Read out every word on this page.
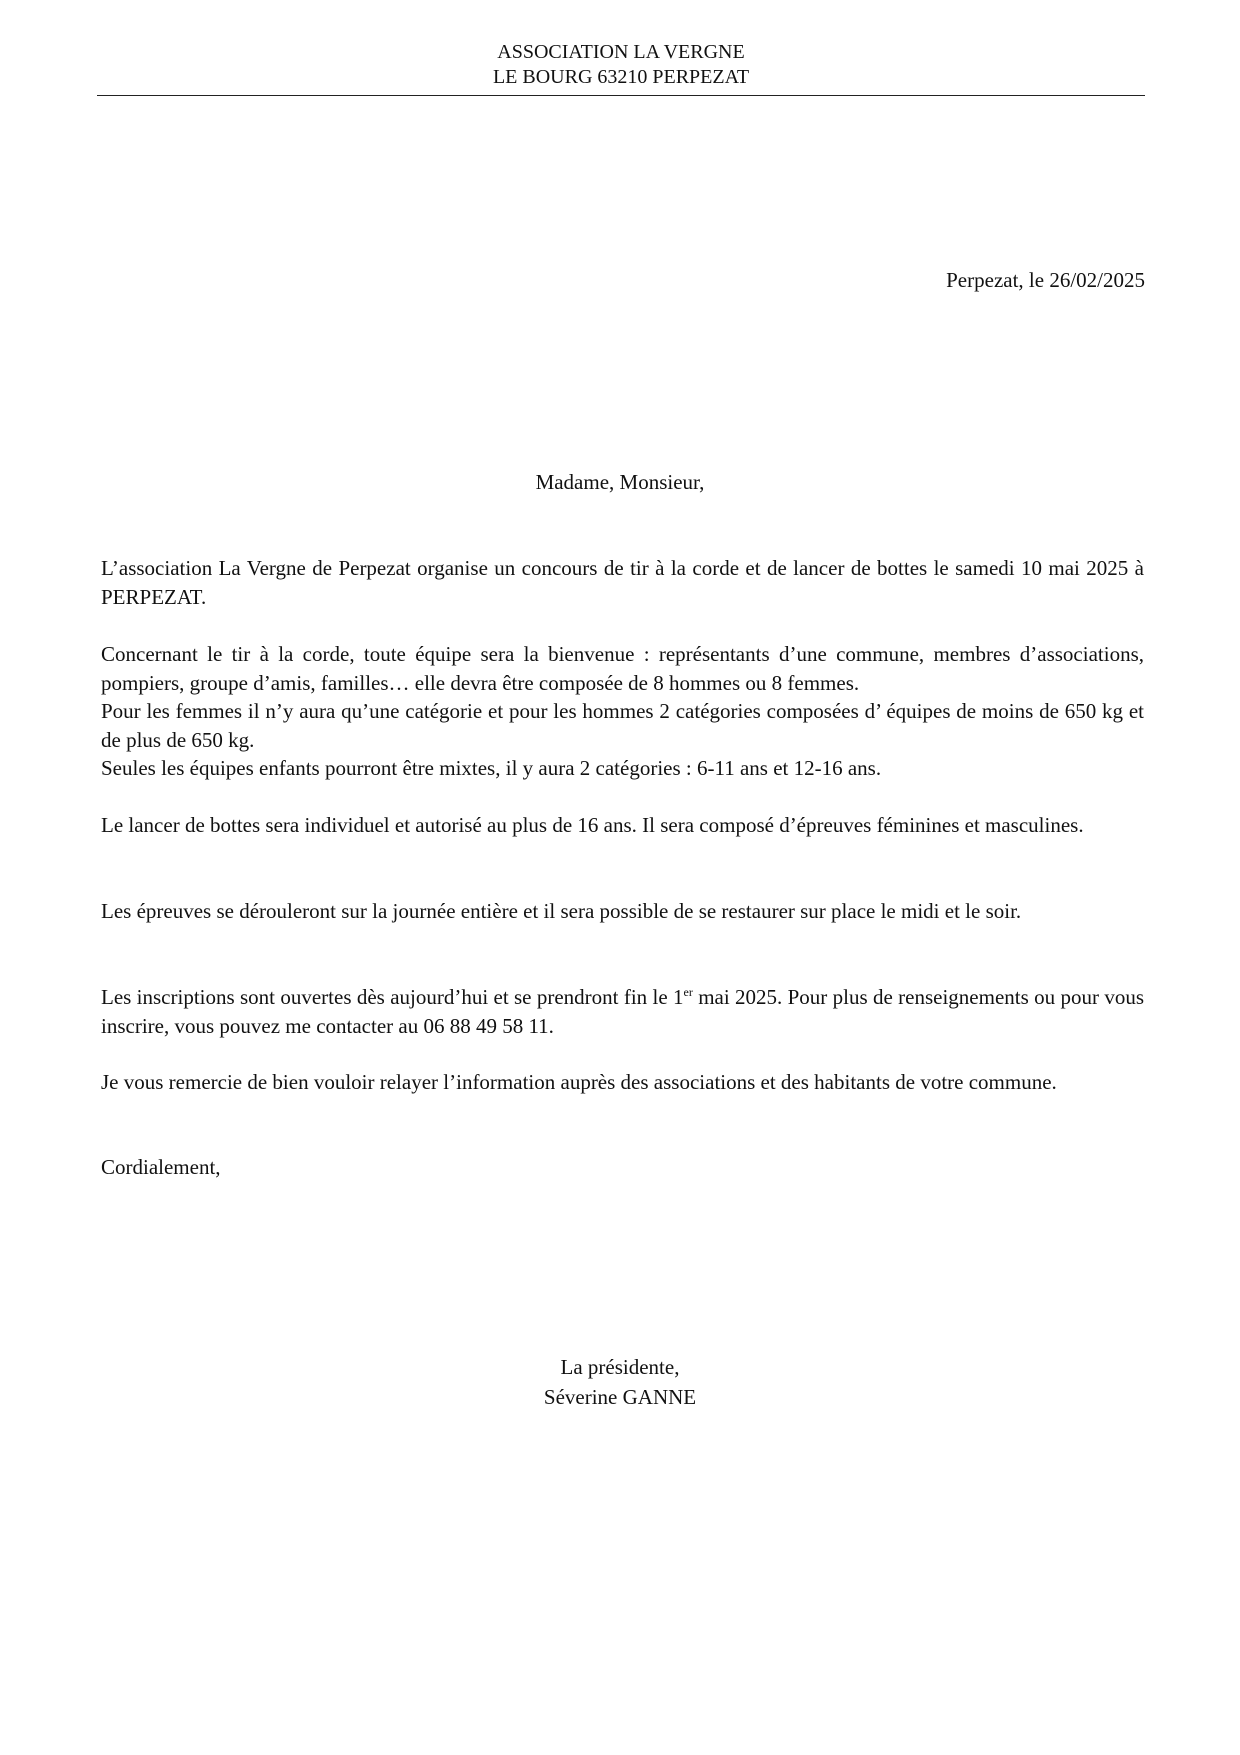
ASSOCIATION LA VERGNE
LE BOURG 63210 PERPEZAT
Perpezat, le 26/02/2025
Madame, Monsieur,

L’association La Vergne de Perpezat organise un concours de tir à la corde et de lancer de bottes le samedi 10 mai 2025 à PERPEZAT.

Concernant le tir à la corde, toute équipe sera la bienvenue : représentants d’une commune, membres d’associations, pompiers, groupe d’amis, familles… elle devra être composée de 8 hommes ou 8 femmes.

Pour les femmes il n’y aura qu’une catégorie et pour les hommes 2 catégories composées d’ équipes de moins de 650 kg et de plus de 650 kg.

Seules les équipes enfants pourront être mixtes, il y aura 2 catégories : 6-11 ans et 12-16 ans.

Le lancer de bottes sera individuel et autorisé au plus de 16 ans. Il sera composé d’épreuves féminines et masculines.

Les épreuves se dérouleront sur la journée entière et il sera possible de se restaurer sur place le midi et le soir.

Les inscriptions sont ouvertes dès aujourd’hui et se prendront fin le 1er mai 2025. Pour plus de renseignements ou pour vous inscrire, vous pouvez me contacter au 06 88 49 58 11.

Je vous remercie de bien vouloir relayer l’information auprès des associations et des habitants de votre commune.

Cordialement,
La présidente,
Séverine GANNE
